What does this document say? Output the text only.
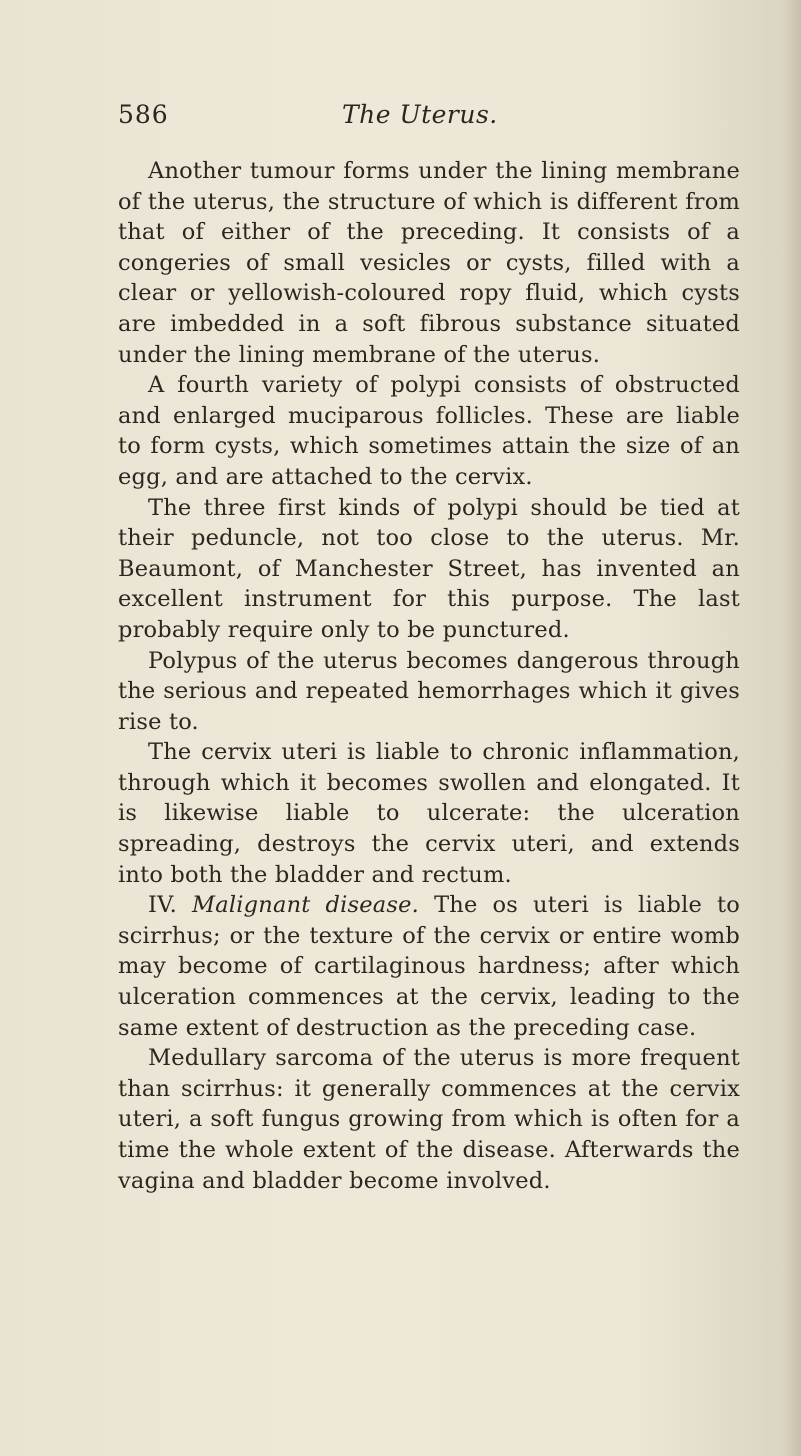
586	The Uterus.

Another tumour forms under the lining membrane of the uterus, the structure of which is different from that of either of the preceding. It consists of a congeries of small vesicles or cysts, filled with a clear or yellowish-coloured ropy fluid, which cysts are imbedded in a soft fibrous substance situated under the lining membrane of the uterus.

A fourth variety of polypi consists of obstructed and enlarged muciparous follicles. These are liable to form cysts, which sometimes attain the size of an egg, and are attached to the cervix.

The three first kinds of polypi should be tied at their peduncle, not too close to the uterus. Mr. Beaumont, of Manchester Street, has invented an excellent instrument for this purpose. The last probably require only to be punctured.

Polypus of the uterus becomes dangerous through the serious and repeated hemorrhages which it gives rise to.

The cervix uteri is liable to chronic inflammation, through which it becomes swollen and elongated. It is likewise liable to ulcerate: the ulceration spreading, destroys the cervix uteri, and extends into both the bladder and rectum.

IV. Malignant disease. The os uteri is liable to scirrhus; or the texture of the cervix or entire womb may become of cartilaginous hardness; after which ulceration commences at the cervix, leading to the same extent of destruction as the preceding case.

Medullary sarcoma of the uterus is more frequent than scirrhus: it generally commences at the cervix uteri, a soft fungus growing from which is often for a time the whole extent of the disease. Afterwards the vagina and bladder become involved.
